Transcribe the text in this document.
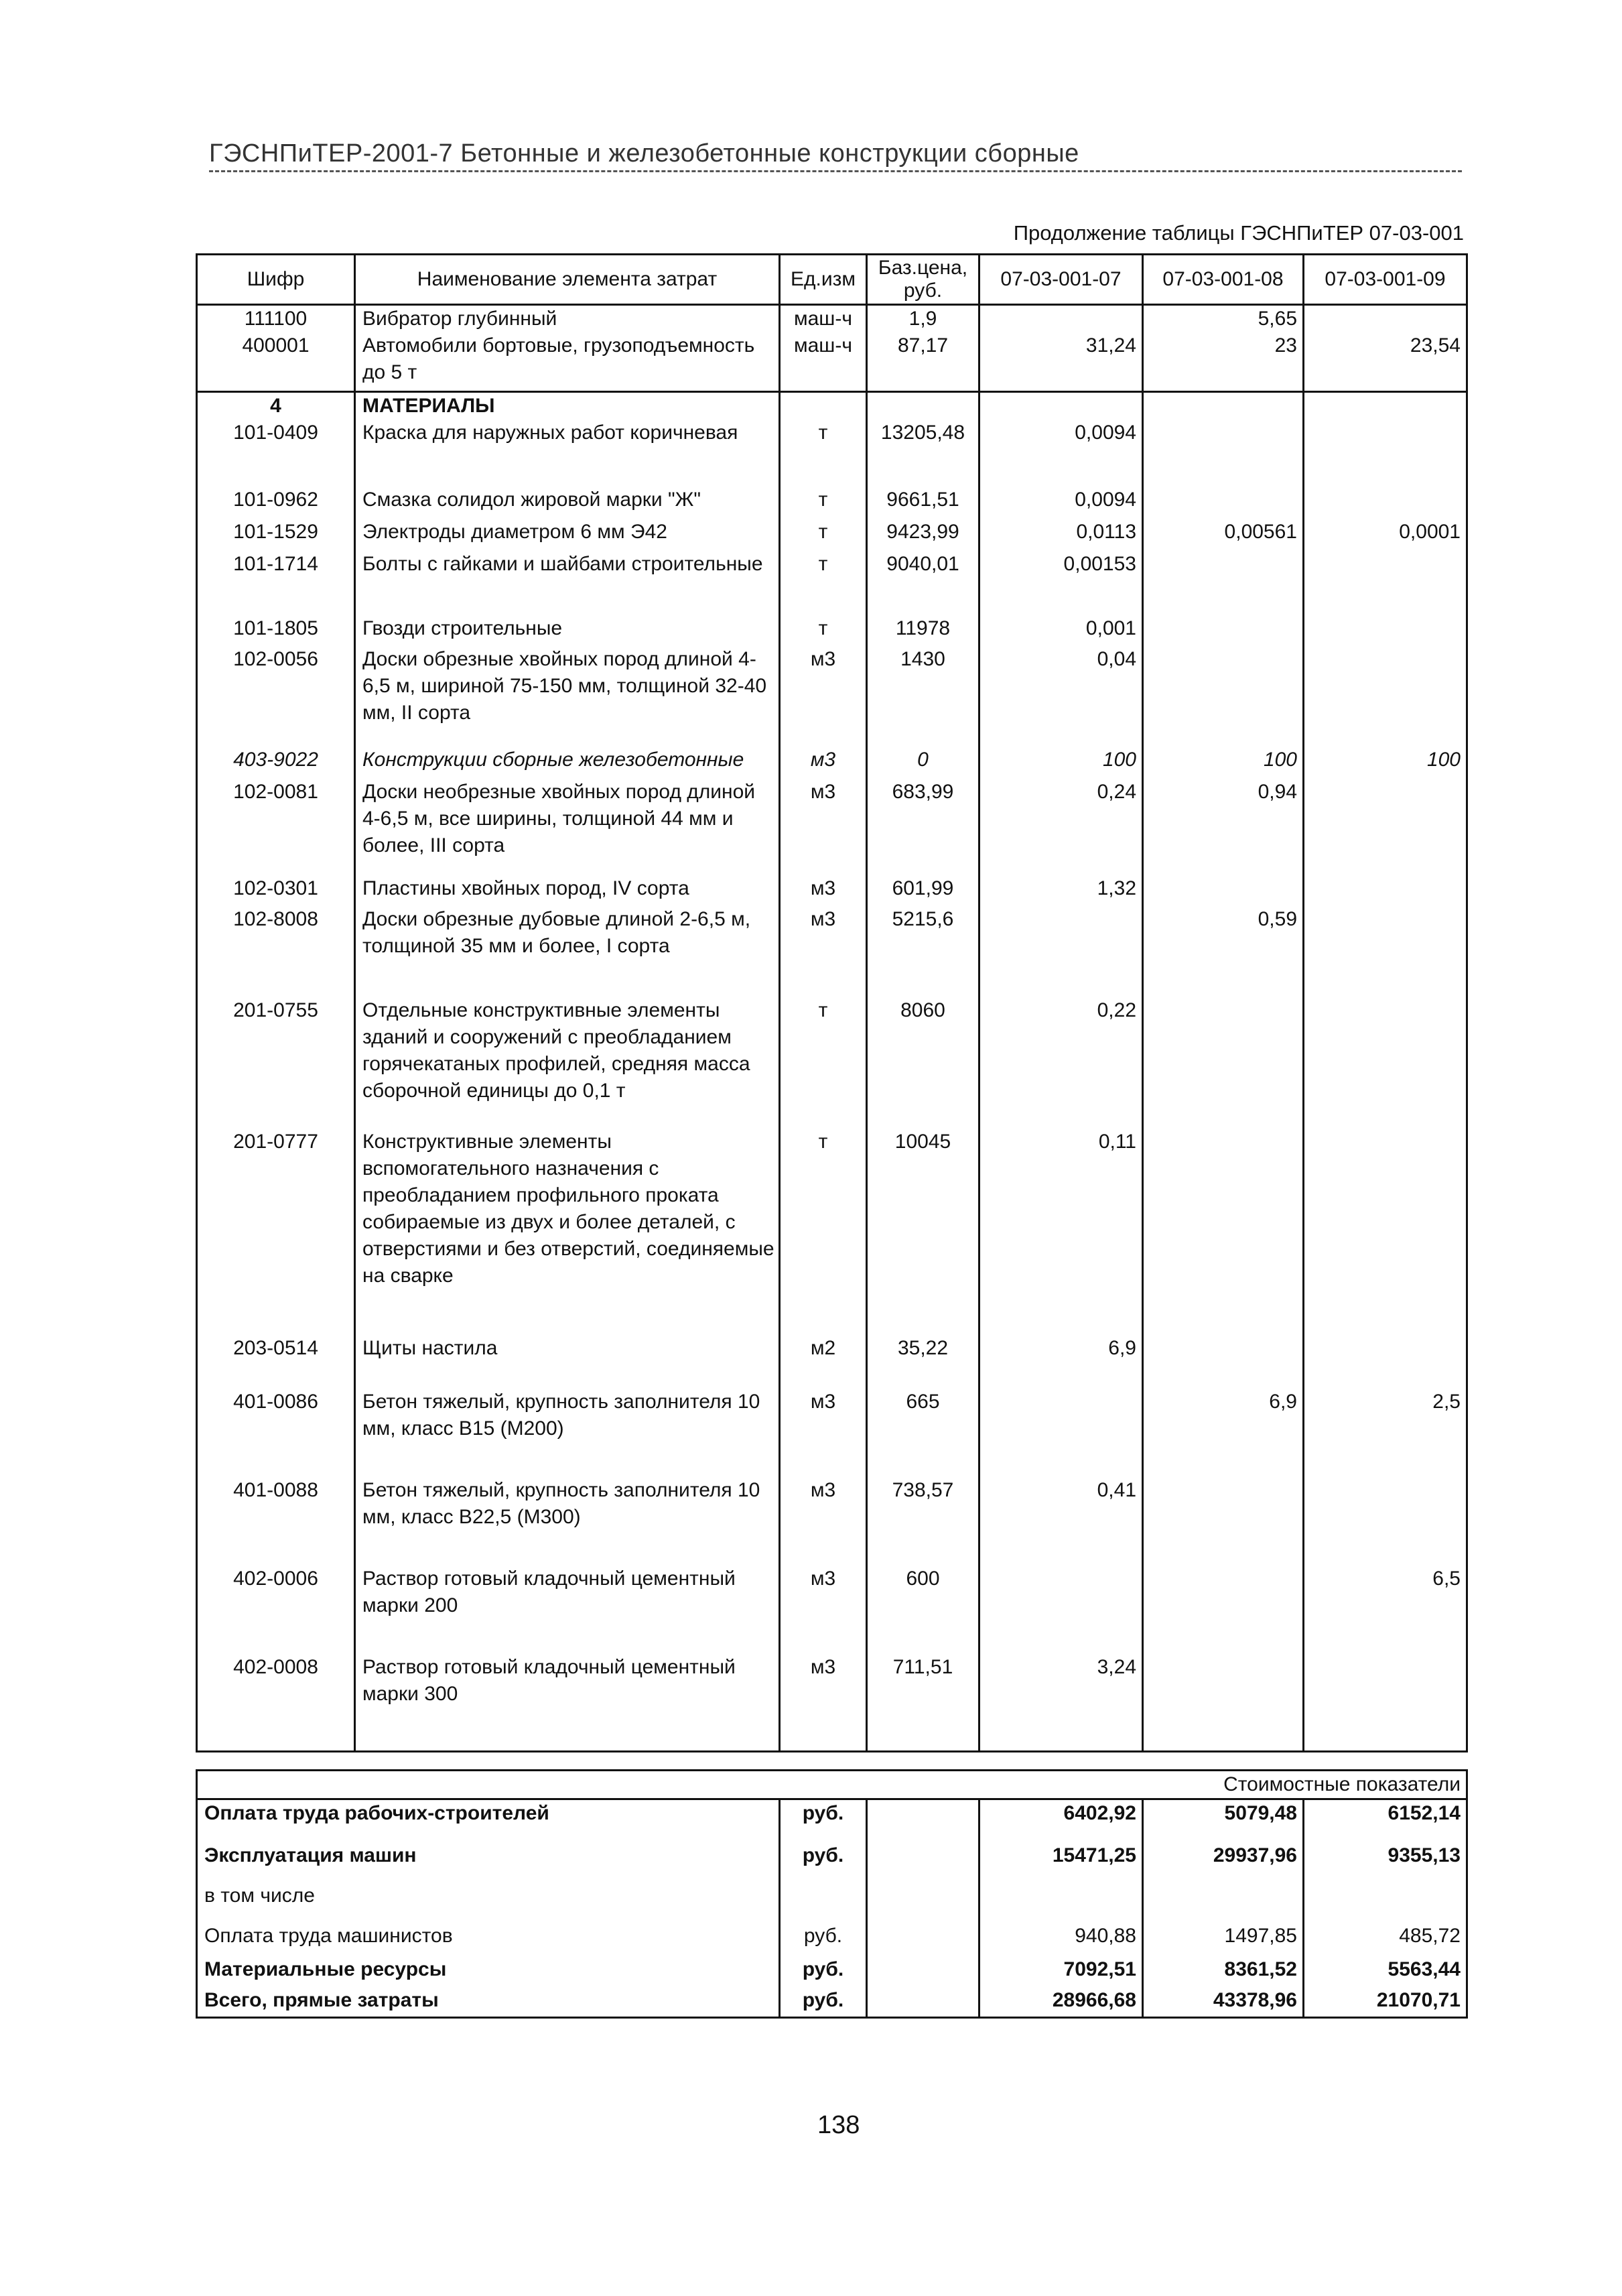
ГЭСНПиТЕР-2001-7 Бетонные и железобетонные конструкции сборные
Продолжение таблицы ГЭСНПиТЕР 07-03-001
Шифр	Наименование элемента затрат	Ед.изм	Баз.цена, руб.	07-03-001-07	07-03-001-08	07-03-001-09
111100	Вибратор глубинный	маш-ч	1,9		5,65	
400001	Автомобили бортовые, грузоподъемность до 5 т	маш-ч	87,17	31,24	23	23,54
4	МАТЕРИАЛЫ					
101-0409	Краска для наружных работ коричневая	т	13205,48	0,0094		
101-0962	Смазка солидол жировой марки "Ж"	т	9661,51	0,0094		
101-1529	Электроды диаметром 6 мм Э42	т	9423,99	0,0113	0,00561	0,0001
101-1714	Болты с гайками и шайбами строительные	т	9040,01	0,00153		
101-1805	Гвозди строительные	т	11978	0,001		
102-0056	Доски обрезные хвойных пород длиной 4-6,5 м, шириной 75-150 мм, толщиной 32-40 мм, II сорта	м3	1430	0,04		
403-9022	Конструкции сборные железобетонные	м3	0	100	100	100
102-0081	Доски необрезные хвойных пород длиной 4-6,5 м, все ширины, толщиной 44 мм и более, III сорта	м3	683,99	0,24	0,94	
102-0301	Пластины хвойных пород, IV сорта	м3	601,99	1,32		
102-8008	Доски обрезные дубовые длиной 2-6,5 м, толщиной 35 мм и более, I сорта	м3	5215,6		0,59	
201-0755	Отдельные конструктивные элементы зданий и сооружений с преобладанием горячекатаных профилей, средняя масса сборочной единицы до 0,1 т	т	8060	0,22		
201-0777	Конструктивные элементы вспомогательного назначения с преобладанием профильного проката собираемые из двух и более деталей, с отверстиями и без отверстий, соединяемые на сварке	т	10045	0,11		
203-0514	Щиты настила	м2	35,22	6,9		
401-0086	Бетон тяжелый, крупность заполнителя 10 мм, класс В15 (М200)	м3	665		6,9	2,5
401-0088	Бетон тяжелый, крупность заполнителя 10 мм, класс В22,5 (М300)	м3	738,57	0,41		
402-0006	Раствор готовый кладочный цементный марки 200	м3	600			6,5
402-0008	Раствор готовый кладочный цементный марки 300	м3	711,51	3,24		

				Стоимостные показатели	
Оплата труда рабочих-строителей	руб.		6402,92	5079,48	6152,14
Эксплуатация машин	руб.		15471,25	29937,96	9355,13
в том числе					
Оплата труда машинистов	руб.		940,88	1497,85	485,72
Материальные ресурсы	руб.		7092,51	8361,52	5563,44
Всего, прямые затраты	руб.		28966,68	43378,96	21070,71
138
